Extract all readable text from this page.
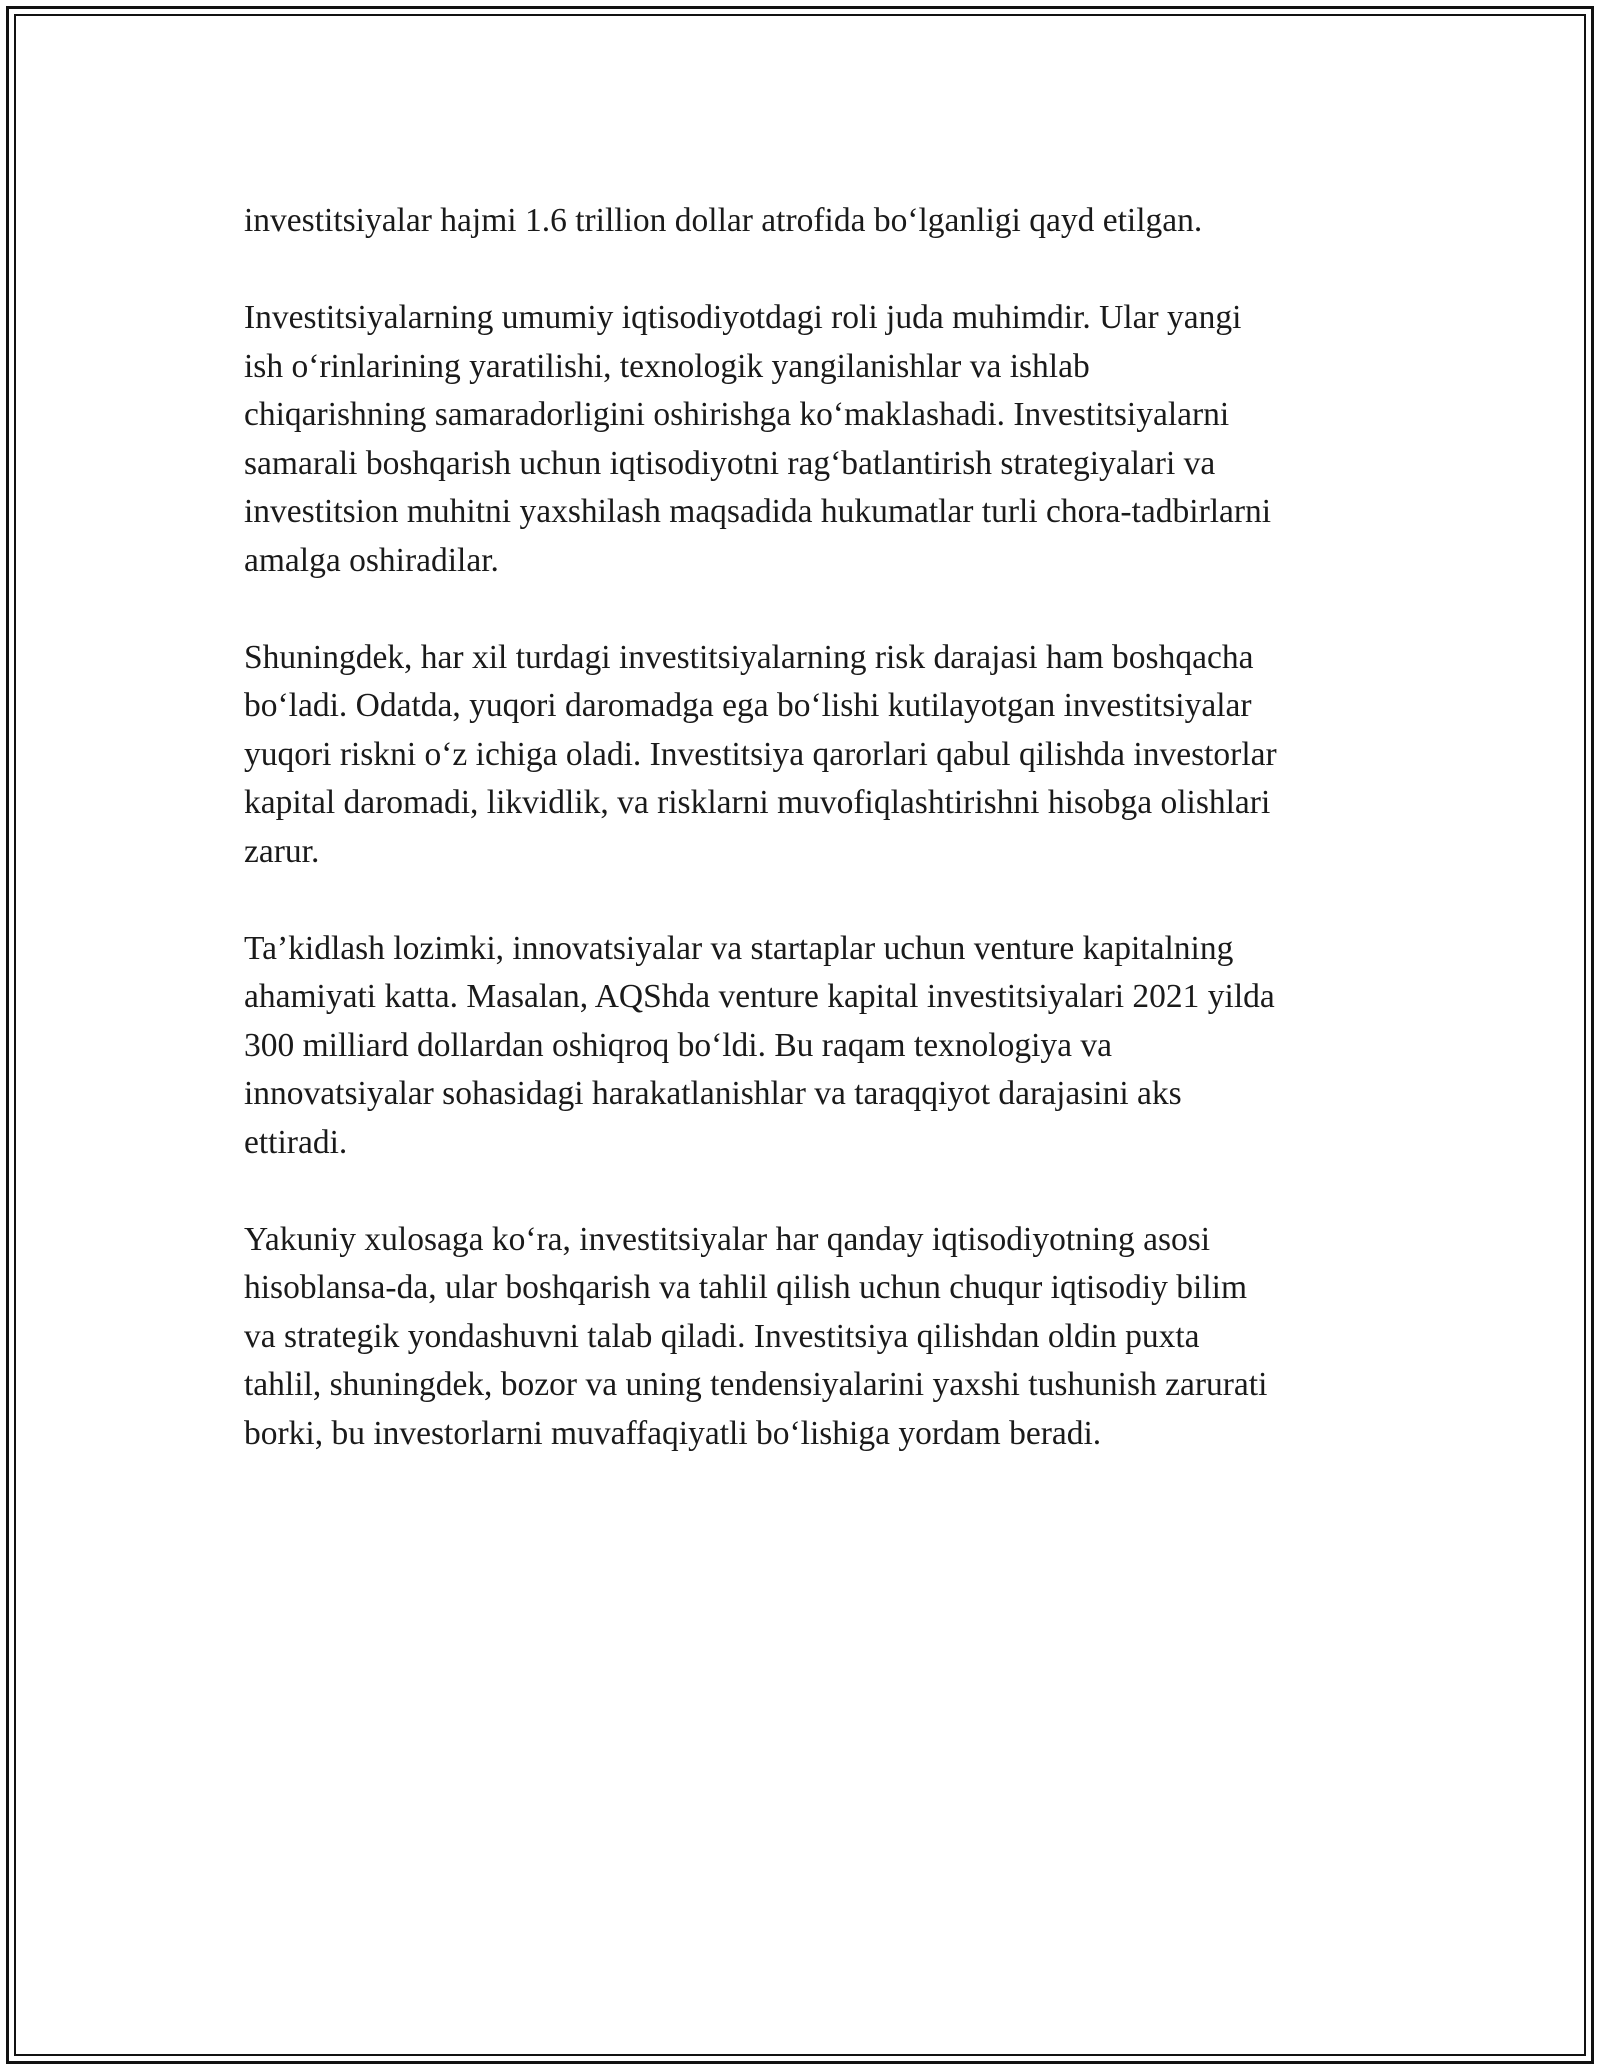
investitsiyalar hajmi 1.6 trillion dollar atrofida bo‘lganligi qayd etilgan.

Investitsiyalarning umumiy iqtisodiyotdagi roli juda muhimdir. Ular yangi
ish o‘rinlarining yaratilishi, texnologik yangilanishlar va ishlab
chiqarishning samaradorligini oshirishga ko‘maklashadi. Investitsiyalarni
samarali boshqarish uchun iqtisodiyotni rag‘batlantirish strategiyalari va
investitsion muhitni yaxshilash maqsadida hukumatlar turli chora-tadbirlarni
amalga oshiradilar.

Shuningdek, har xil turdagi investitsiyalarning risk darajasi ham boshqacha
bo‘ladi. Odatda, yuqori daromadga ega bo‘lishi kutilayotgan investitsiyalar
yuqori riskni o‘z ichiga oladi. Investitsiya qarorlari qabul qilishda investorlar
kapital daromadi, likvidlik, va risklarni muvofiqlashtirishni hisobga olishlari
zarur.

Ta’kidlash lozimki, innovatsiyalar va startaplar uchun venture kapitalning
ahamiyati katta. Masalan, AQShda venture kapital investitsiyalari 2021 yilda
300 milliard dollardan oshiqroq bo‘ldi. Bu raqam texnologiya va
innovatsiyalar sohasidagi harakatlanishlar va taraqqiyot darajasini aks
ettiradi.

Yakuniy xulosaga ko‘ra, investitsiyalar har qanday iqtisodiyotning asosi
hisoblansa-da, ular boshqarish va tahlil qilish uchun chuqur iqtisodiy bilim
va strategik yondashuvni talab qiladi. Investitsiya qilishdan oldin puxta
tahlil, shuningdek, bozor va uning tendensiyalarini yaxshi tushunish zarurati
borki, bu investorlarni muvaffaqiyatli bo‘lishiga yordam beradi.
